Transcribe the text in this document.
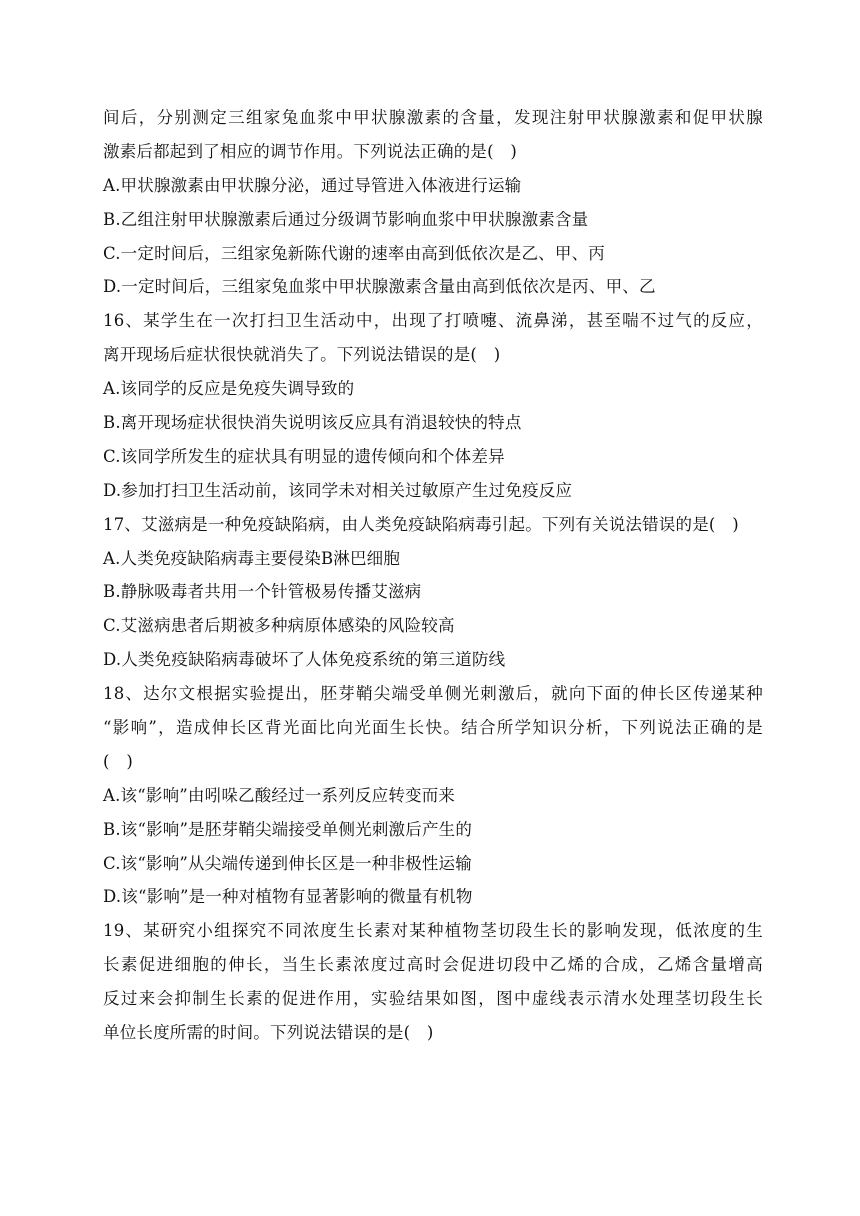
间后，分别测定三组家兔血浆中甲状腺激素的含量，发现注射甲状腺激素和促甲状腺
激素后都起到了相应的调节作用。下列说法正确的是(　)
A.甲状腺激素由甲状腺分泌，通过导管进入体液进行运输
B.乙组注射甲状腺激素后通过分级调节影响血浆中甲状腺激素含量
C.一定时间后，三组家兔新陈代谢的速率由高到低依次是乙、甲、丙
D.一定时间后，三组家兔血浆中甲状腺激素含量由高到低依次是丙、甲、乙
16、某学生在一次打扫卫生活动中，出现了打喷嚏、流鼻涕，甚至喘不过气的反应，
离开现场后症状很快就消失了。下列说法错误的是(　)
A.该同学的反应是免疫失调导致的
B.离开现场症状很快消失说明该反应具有消退较快的特点
C.该同学所发生的症状具有明显的遗传倾向和个体差异
D.参加打扫卫生活动前，该同学未对相关过敏原产生过免疫反应
17、艾滋病是一种免疫缺陷病，由人类免疫缺陷病毒引起。下列有关说法错误的是(　)
A.人类免疫缺陷病毒主要侵染B淋巴细胞
B.静脉吸毒者共用一个针管极易传播艾滋病
C.艾滋病患者后期被多种病原体感染的风险较高
D.人类免疫缺陷病毒破坏了人体免疫系统的第三道防线
18、达尔文根据实验提出，胚芽鞘尖端受单侧光刺激后，就向下面的伸长区传递某种
“影响”，造成伸长区背光面比向光面生长快。结合所学知识分析，下列说法正确的是
(　)
A.该“影响”由吲哚乙酸经过一系列反应转变而来
B.该“影响”是胚芽鞘尖端接受单侧光刺激后产生的
C.该“影响”从尖端传递到伸长区是一种非极性运输
D.该“影响”是一种对植物有显著影响的微量有机物
19、某研究小组探究不同浓度生长素对某种植物茎切段生长的影响发现，低浓度的生
长素促进细胞的伸长，当生长素浓度过高时会促进切段中乙烯的合成，乙烯含量增高
反过来会抑制生长素的促进作用，实验结果如图，图中虚线表示清水处理茎切段生长
单位长度所需的时间。下列说法错误的是(　)
